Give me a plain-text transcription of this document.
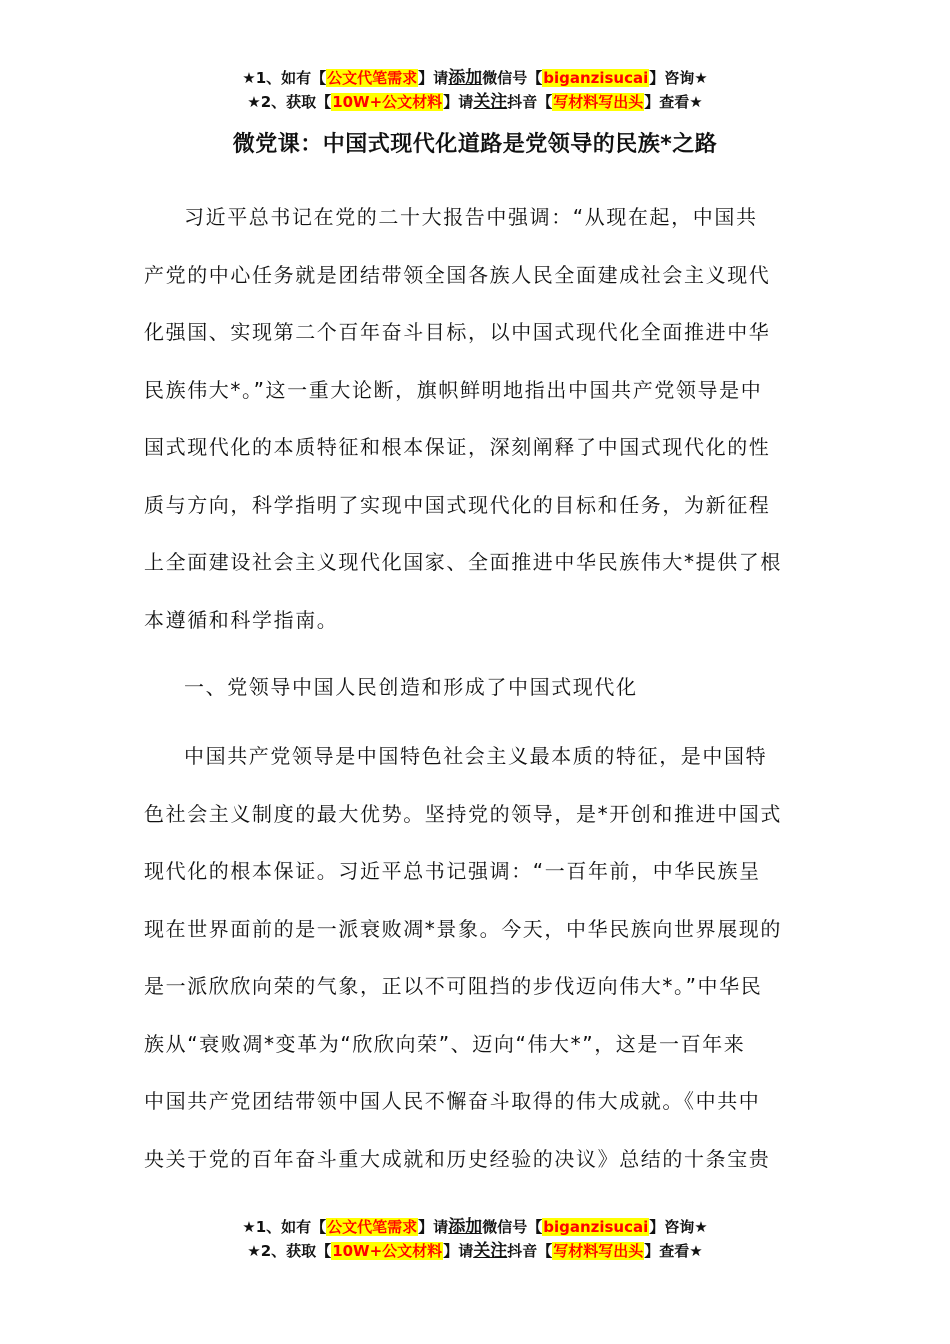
★1、如有【公文代笔需求】请添加微信号【biganzisucai】咨询★
★2、获取【10W+公文材料】请关注抖音【写材料写出头】查看★
微党课：中国式现代化道路是党领导的民族*之路

习近平总书记在党的二十大报告中强调：“从现在起，中国共
产党的中心任务就是团结带领全国各族人民全面建成社会主义现代
化强国、实现第二个百年奋斗目标，以中国式现代化全面推进中华
民族伟大*。”这一重大论断，旗帜鲜明地指出中国共产党领导是中
国式现代化的本质特征和根本保证，深刻阐释了中国式现代化的性
质与方向，科学指明了实现中国式现代化的目标和任务，为新征程
上全面建设社会主义现代化国家、全面推进中华民族伟大*提供了根
本遵循和科学指南。

一、党领导中国人民创造和形成了中国式现代化

中国共产党领导是中国特色社会主义最本质的特征，是中国特
色社会主义制度的最大优势。坚持党的领导，是*开创和推进中国式
现代化的根本保证。习近平总书记强调：“一百年前，中华民族呈
现在世界面前的是一派衰败凋*景象。今天，中华民族向世界展现的
是一派欣欣向荣的气象，正以不可阻挡的步伐迈向伟大*。”中华民
族从“衰败凋*变革为“欣欣向荣”、迈向“伟大*”，这是一百年来
中国共产党团结带领中国人民不懈奋斗取得的伟大成就。《中共中
央关于党的百年奋斗重大成就和历史经验的决议》总结的十条宝贵

★1、如有【公文代笔需求】请添加微信号【biganzisucai】咨询★
★2、获取【10W+公文材料】请关注抖音【写材料写出头】查看★
